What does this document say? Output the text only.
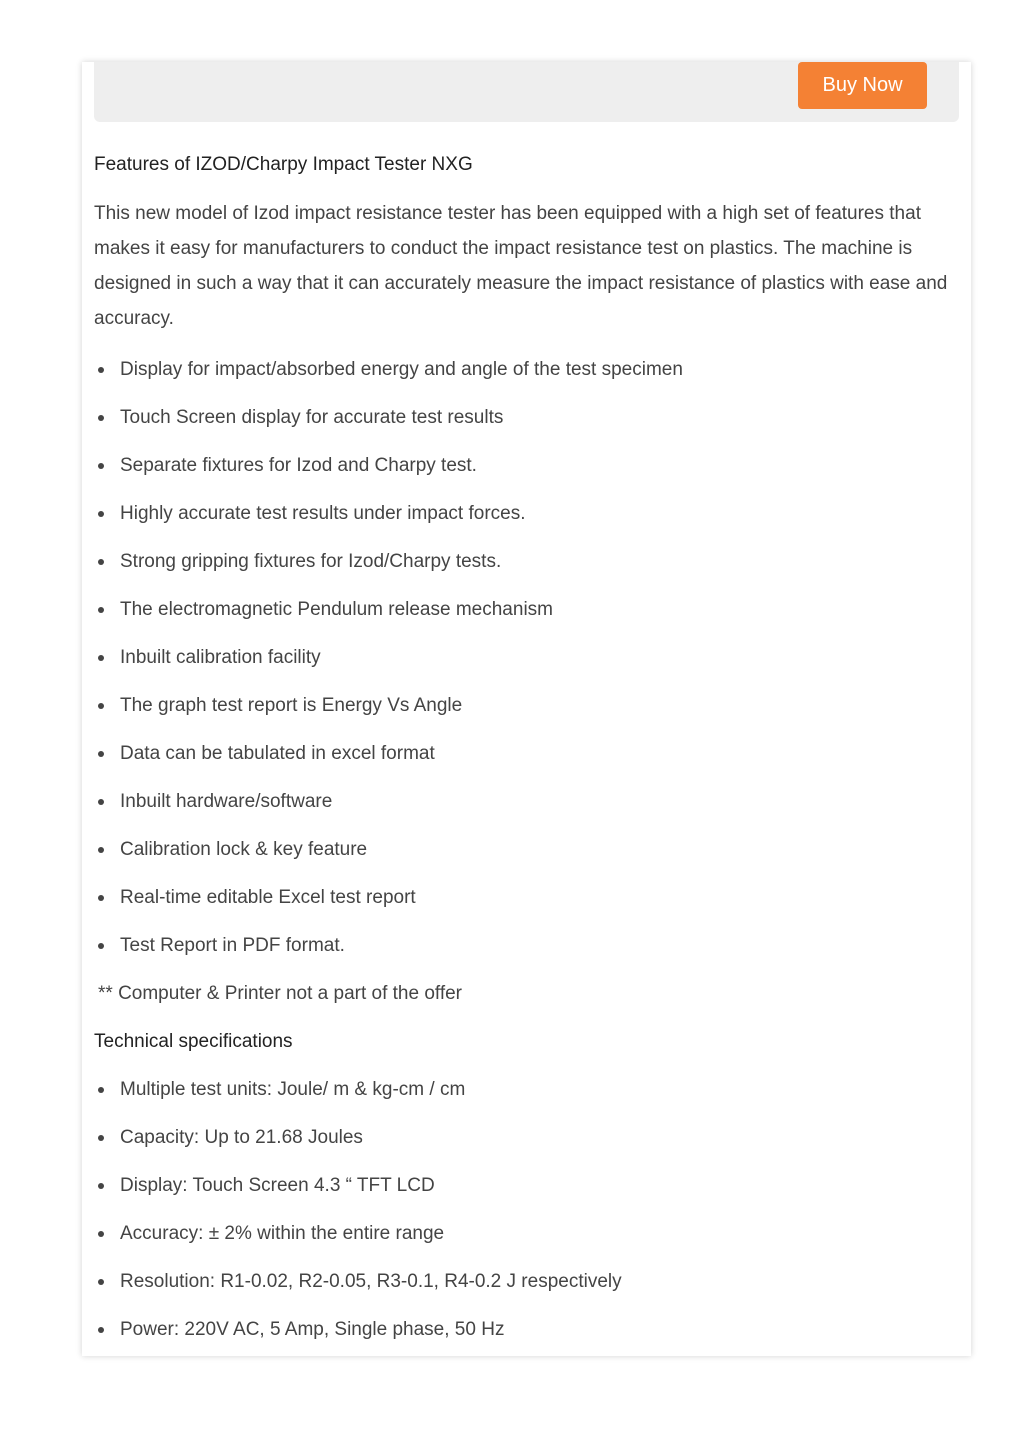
Buy Now
Features of IZOD/Charpy Impact Tester NXG

This new model of Izod impact resistance tester has been equipped with a high set of features that makes it easy for manufacturers to conduct the impact resistance test on plastics. The machine is designed in such a way that it can accurately measure the impact resistance of plastics with ease and accuracy.

Display for impact/absorbed energy and angle of the test specimen
Touch Screen display for accurate test results
Separate fixtures for Izod and Charpy test.
Highly accurate test results under impact forces.
Strong gripping fixtures for Izod/Charpy tests.
The electromagnetic Pendulum release mechanism
Inbuilt calibration facility
The graph test report is Energy Vs Angle
Data can be tabulated in excel format
Inbuilt hardware/software
Calibration lock & key feature
Real-time editable Excel test report
Test Report in PDF format.
** Computer & Printer not a part of the offer
Technical specifications
Multiple test units: Joule/ m & kg-cm / cm
Capacity: Up to 21.68 Joules
Display: Touch Screen 4.3 “ TFT LCD
Accuracy: ± 2% within the entire range
Resolution: R1-0.02, R2-0.05, R3-0.1, R4-0.2 J respectively
Power: 220V AC, 5 Amp, Single phase, 50 Hz
